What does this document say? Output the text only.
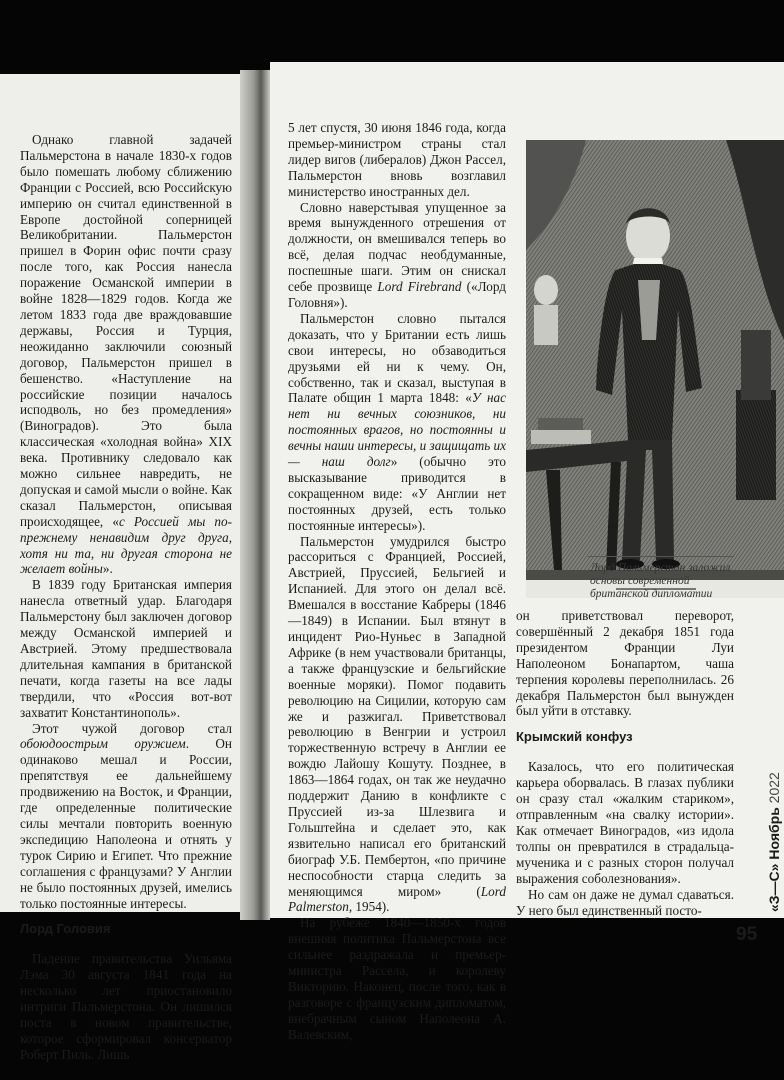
Однако главной задачей Пальмерстона в начале 1830-х годов было помешать любому сближению Франции с Россией, всю Российскую империю он считал единственной в Европе достойной соперницей Великобритании. Пальмерстон пришел в Форин офис почти сразу после того, как Россия нанесла поражение Османской империи в войне 1828—1829 годов. Когда же летом 1833 года две враждовавшие державы, Россия и Турция, неожиданно заключили союзный договор, Пальмерстон пришел в бешенство. «Наступление на российские позиции началось исподволь, но без промедления» (Виноградов). Это была классическая «холодная война» XIX века. Противнику следовало как можно сильнее навредить, не допуская и самой мысли о войне. Как сказал Пальмерстон, описывая происходящее, «с Россией мы по-прежнему ненавидим друг друга, хотя ни та, ни другая сторона не желает войны».

В 1839 году Британская империя нанесла ответный удар. Благодаря Пальмерстону был заключен договор между Османской империей и Австрией. Этому предшествовала длительная кампания в британской печати, когда газеты на все лады твердили, что «Россия вот-вот захватит Константинополь».

Этот чужой договор стал обоюдоострым оружием. Он одинаково мешал и России, препятствуя ее дальнейшему продвижению на Восток, и Франции, где определенные политические силы мечтали повторить военную экспедицию Наполеона и отнять у турок Сирию и Египет. Что прежние соглашения с французами? У Англии не было постоянных друзей, имелись только постоянные интересы.

Лорд Головия

Падение правительства Уильяма Лэма 30 августа 1841 года на несколько лет приостановило интриги Пальмерстона. Он лишился поста в новом правительстве, которое сформировал консерватор Роберт Пиль. Лишь

5 лет спустя, 30 июня 1846 года, когда премьер-министром страны стал лидер вигов (либералов) Джон Рассел, Пальмерстон вновь возглавил министерство иностранных дел.

Словно наверстывая упущенное за время вынужденного отрешения от должности, он вмешивался теперь во всё, делая подчас необдуманные, поспешные шаги. Этим он снискал себе прозвище Lord Firebrand («Лорд Головня»).

Пальмерстон словно пытался доказать, что у Британии есть лишь свои интересы, но обзаводиться друзьями ей ни к чему. Он, собственно, так и сказал, выступая в Палате общин 1 марта 1848: «У нас нет ни вечных союзников, ни постоянных врагов, но постоянны и вечны наши интересы, и защищать их — наш долг» (обычно это высказывание приводится в сокращенном виде: «У Англии нет постоянных друзей, есть только постоянные интересы»).

Пальмерстон умудрился быстро рассориться с Францией, Россией, Австрией, Пруссией, Бельгией и Испанией. Для этого он делал всё. Вмешался в восстание Кабреры (1846—1849) в Испании. Был втянут в инцидент Рио-Нуньес в Западной Африке (в нем участвовали британцы, а также французские и бельгийские военные моряки). Помог подавить революцию на Сицилии, которую сам же и разжигал. Приветствовал революцию в Венгрии и устроил торжественную встречу в Англии ее вождю Лайошу Кошуту. Позднее, в 1863—1864 годах, он так же неудачно поддержит Данию в конфликте с Пруссией из-за Шлезвига и Гольштейна и сделает это, как язвительно написал его британский биограф У.Б. Пембертон, «по причине неспособности старца следить за меняющимся миром» (Lord Palmerston, 1954).

На рубеже 1840—1850-х годов внешняя политика Пальмерстона все сильнее раздражала и премьер-министра Рассела, и королеву Викторию. Наконец, после того, как в разговоре с французским дипломатом, внебрачным сыном Наполеона А. Валевским,

Лорд Пальмерстон заложил основы современной британской дипломатии

он приветствовал переворот, совершённый 2 декабря 1851 года президентом Франции Луи Наполеоном Бонапартом, чаша терпения королевы переполнилась. 26 декабря Пальмерстон был вынужден был уйти в отставку.

Крымский конфуз

Казалось, что его политическая карьера оборвалась. В глазах публики он сразу стал «жалким стариком», отправленным «на свалку истории». Как отмечает Виноградов, «из идола толпы он превратился в страдальца-мученика и с разных сторон получал выражения соболезнования».

Но сам он даже не думал сдаваться. У него был единственный посто-	«З—С» Ноябрь 2022
95
